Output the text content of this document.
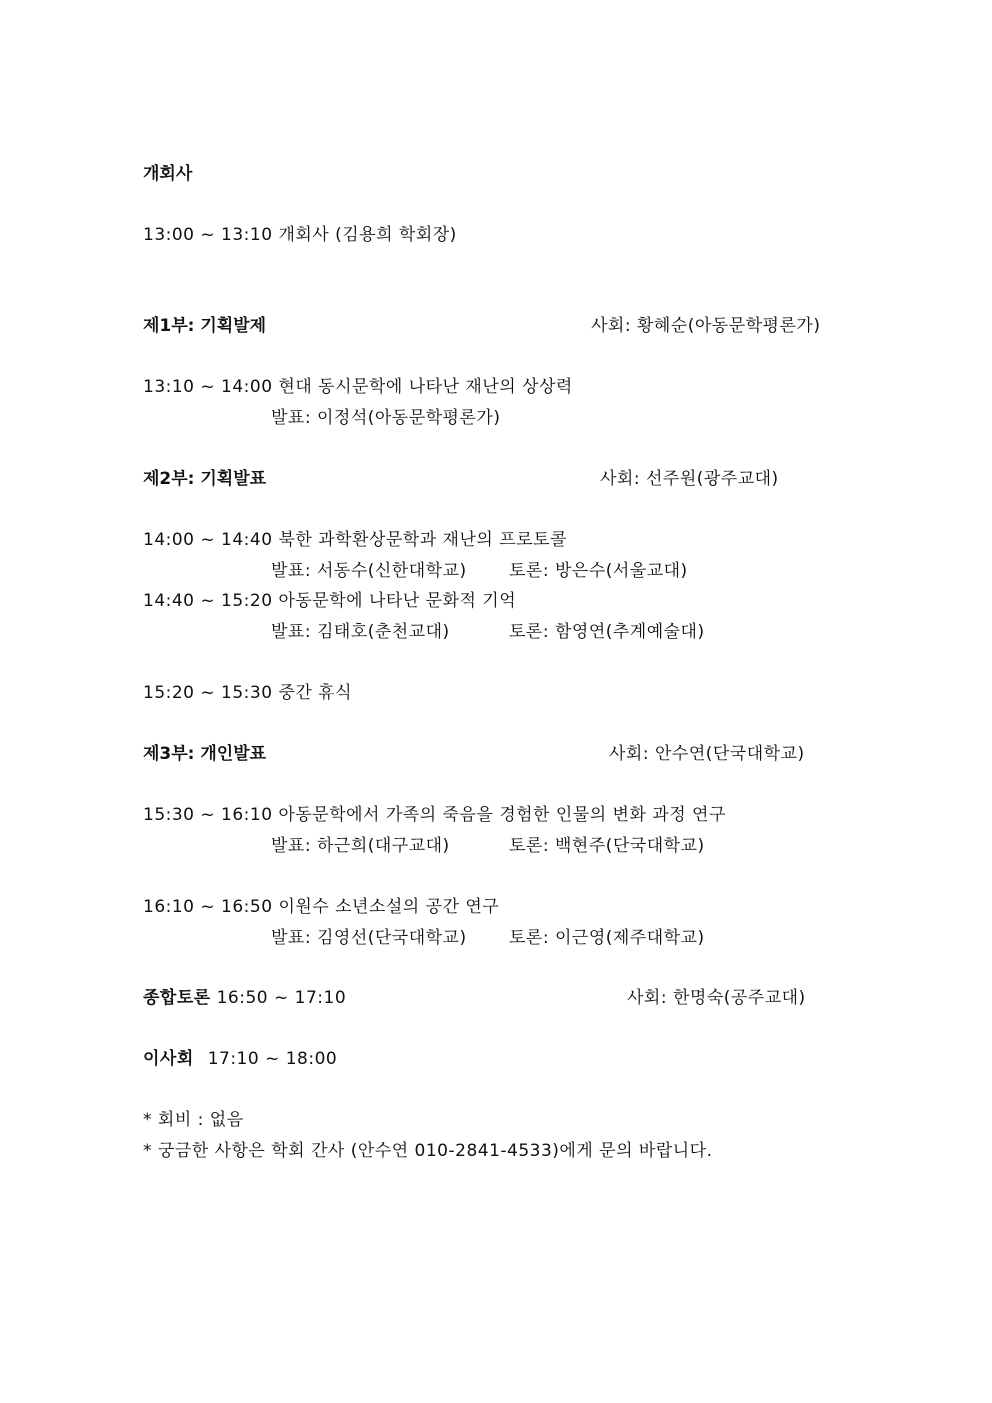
개회사
13:00 ~ 13:10 개회사 (김용희 학회장)
제1부: 기획발제	사회: 황혜순(아동문학평론가)
13:10 ~ 14:00 현대 동시문학에 나타난 재난의 상상력
발표: 이정석(아동문학평론가)
제2부: 기획발표	사회: 선주원(광주교대)
14:00 ~ 14:40 북한 과학환상문학과 재난의 프로토콜
발표: 서동수(신한대학교) 토론: 방은수(서울교대)
14:40 ~ 15:20 아동문학에 나타난 문화적 기억
발표: 김태호(춘천교대)	토론: 함영연(추계예술대)
15:20 ~ 15:30 중간 휴식
제3부: 개인발표	사회: 안수연(단국대학교)
15:30 ~ 16:10 아동문학에서 가족의 죽음을 경험한 인물의 변화 과정 연구
발표: 하근희(대구교대)	토론: 백현주(단국대학교)
16:10 ~ 16:50 이원수 소년소설의 공간 연구
발표: 김영선(단국대학교) 토론: 이근영(제주대학교)
종합토론 16:50 ~ 17:10	사회: 한명숙(공주교대)
이사회 17:10 ~ 18:00
* 회비 : 없음
* 궁금한 사항은 학회 간사 (안수연 010-2841-4533)에게 문의 바랍니다.
